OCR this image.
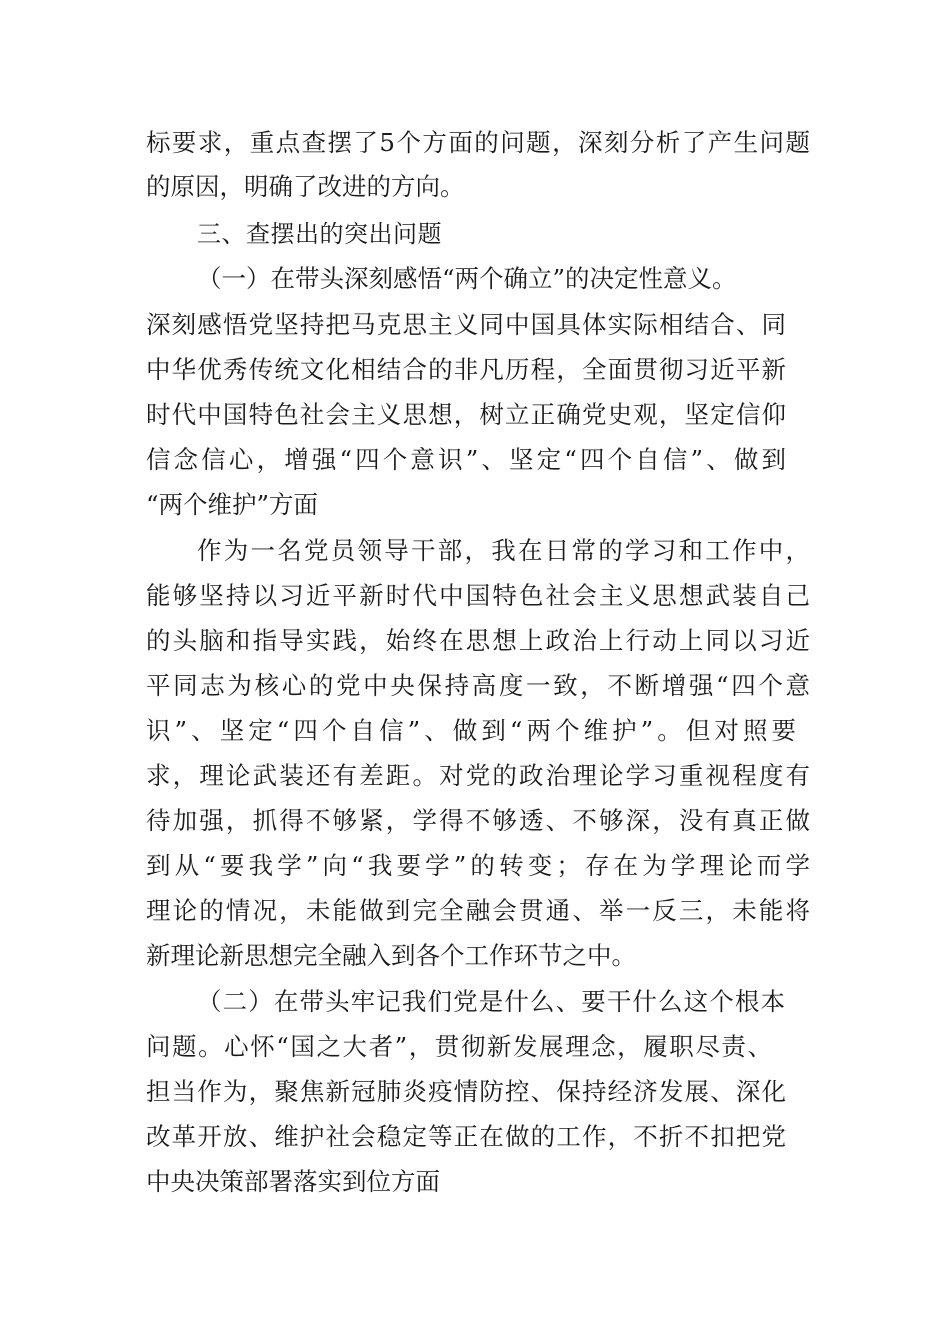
标要求，重点查摆了5个方面的问题，深刻分析了产生问题
的原因，明确了改进的方向。
三、查摆出的突出问题
（一）在带头深刻感悟“两个确立”的决定性意义。
深刻感悟党坚持把马克思主义同中国具体实际相结合、同
中华优秀传统文化相结合的非凡历程，全面贯彻习近平新
时代中国特色社会主义思想，树立正确党史观，坚定信仰
信念信心，增强“四个意识”、坚定“四个自信”、做到
“两个维护”方面
作为一名党员领导干部，我在日常的学习和工作中，
能够坚持以习近平新时代中国特色社会主义思想武装自己
的头脑和指导实践，始终在思想上政治上行动上同以习近
平同志为核心的党中央保持高度一致，不断增强“四个意
识”、坚定“四个自信”、做到“两个维护”。但对照要
求，理论武装还有差距。对党的政治理论学习重视程度有
待加强，抓得不够紧，学得不够透、不够深，没有真正做
到从“要我学”向“我要学”的转变；存在为学理论而学
理论的情况，未能做到完全融会贯通、举一反三，未能将
新理论新思想完全融入到各个工作环节之中。
（二）在带头牢记我们党是什么、要干什么这个根本
问题。心怀“国之大者”，贯彻新发展理念，履职尽责、
担当作为，聚焦新冠肺炎疫情防控、保持经济发展、深化
改革开放、维护社会稳定等正在做的工作，不折不扣把党
中央决策部署落实到位方面
